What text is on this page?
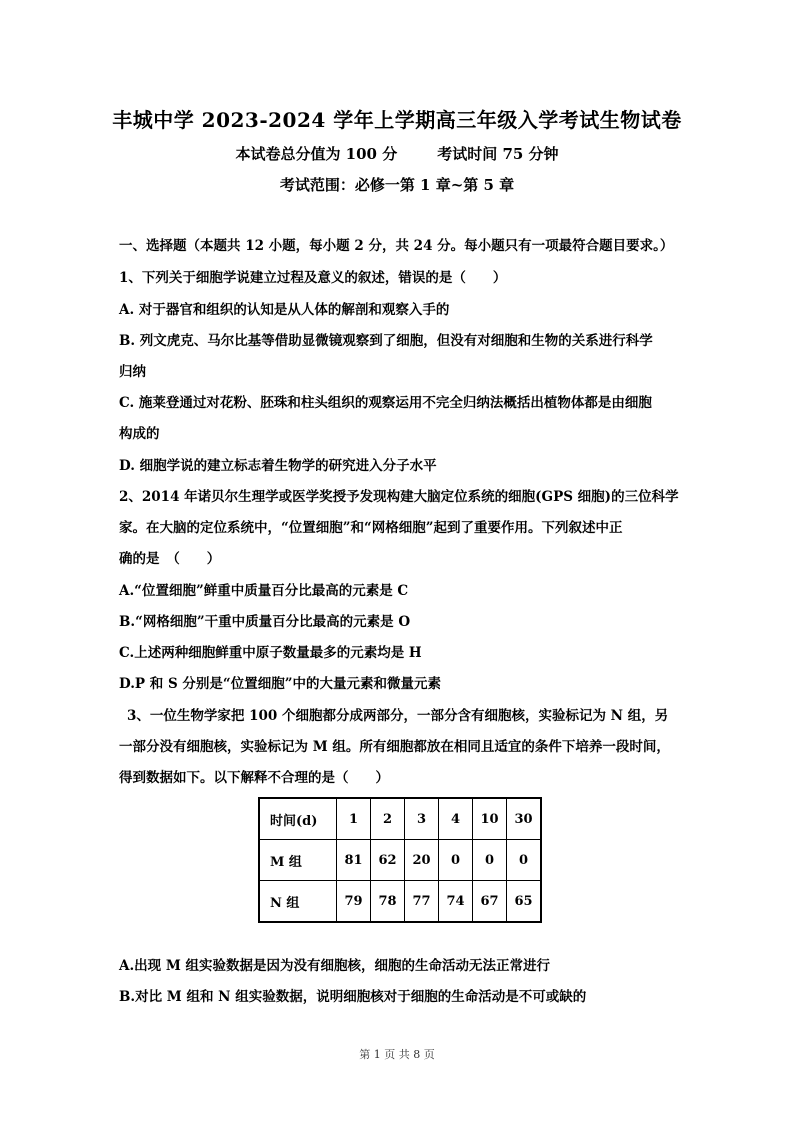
丰城中学 2023-2024 学年上学期高三年级入学考试生物试卷
本试卷总分值为 100 分	考试时间 75 分钟
考试范围：必修一第 1 章~第 5 章
一、选择题（本题共 12 小题，每小题 2 分，共 24 分。每小题只有一项最符合题目要求。）
1、下列关于细胞学说建立过程及意义的叙述，错误的是（　　）
A. 对于器官和组织的认知是从人体的解剖和观察入手的
B. 列文虎克、马尔比基等借助显微镜观察到了细胞，但没有对细胞和生物的关系进行科学
归纳
C. 施莱登通过对花粉、胚珠和柱头组织的观察运用不完全归纳法概括出植物体都是由细胞
构成的
D. 细胞学说的建立标志着生物学的研究进入分子水平
2、2014 年诺贝尔生理学或医学奖授予发现构建大脑定位系统的细胞(GPS 细胞)的三位科学
家。在大脑的定位系统中，“位置细胞”和“网格细胞”起到了重要作用。下列叙述中正
确的是　（　　）
A.“位置细胞”鲜重中质量百分比最高的元素是 C
B.“网格细胞”干重中质量百分比最高的元素是 O
C.上述两种细胞鲜重中原子数量最多的元素均是 H
D.P 和 S 分别是“位置细胞”中的大量元素和微量元素
3、一位生物学家把 100 个细胞都分成两部分，一部分含有细胞核，实验标记为 N 组，另
一部分没有细胞核，实验标记为 M 组。所有细胞都放在相同且适宜的条件下培养一段时间，
得到数据如下。以下解释不合理的是（　　）
时间(d)	1	2	3	4	10	30
M 组	81	62	20	0	0	0
N 组	79	78	77	74	67	65
A.出现 M 组实验数据是因为没有细胞核，细胞的生命活动无法正常进行
B.对比 M 组和 N 组实验数据，说明细胞核对于细胞的生命活动是不可或缺的
第 1 页 共 8 页
